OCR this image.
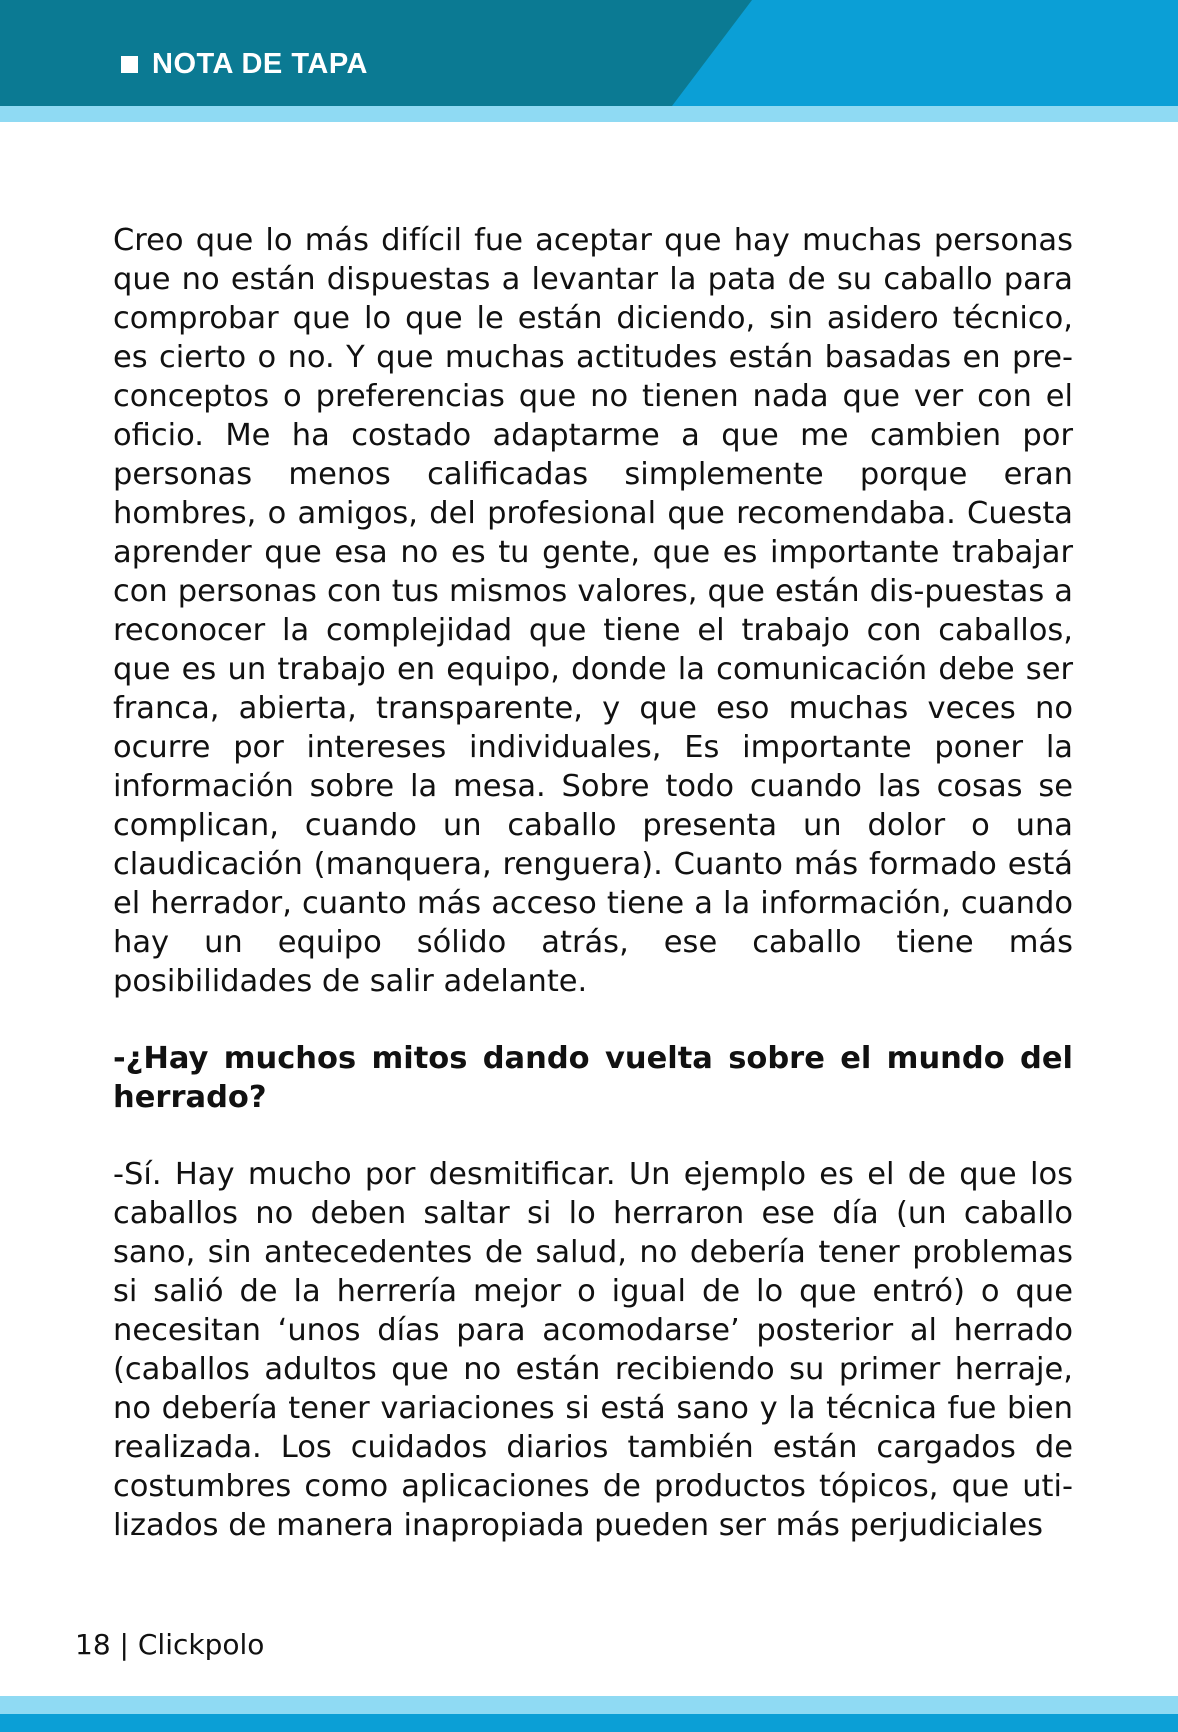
NOTA DE TAPA

Creo que lo más difícil fue aceptar que hay muchas personas que no están dispuestas a levantar la pata de su caballo para comprobar que lo que le están diciendo, sin asidero técnico, es cierto o no. Y que muchas actitudes están basadas en pre-conceptos o preferencias que no tienen nada que ver con el oficio. Me ha costado adaptarme a que me cambien por personas menos calificadas simplemente porque eran hombres, o amigos, del profesional que recomendaba. Cuesta aprender que esa no es tu gente, que es importante trabajar con personas con tus mismos valores, que están dis-puestas a reconocer la complejidad que tiene el trabajo con caballos, que es un trabajo en equipo, donde la comunicación debe ser franca, abierta, transparente, y que eso muchas veces no ocurre por intereses individuales, Es importante poner la información sobre la mesa. Sobre todo cuando las cosas se complican, cuando un caballo presenta un dolor o una claudicación (manquera, renguera). Cuanto más formado está el herrador, cuanto más acceso tiene a la información, cuando hay un equipo sólido atrás, ese caballo tiene más posibilidades de salir adelante.

-¿Hay muchos mitos dando vuelta sobre el mundo del herrado?

-Sí. Hay mucho por desmitificar. Un ejemplo es el de que los caballos no deben saltar si lo herraron ese día (un caballo sano, sin antecedentes de salud, no debería tener problemas si salió de la herrería mejor o igual de lo que entró) o que necesitan ‘unos días para acomodarse’ posterior al herrado (caballos adultos que no están recibiendo su primer herraje, no debería tener variaciones si está sano y la técnica fue bien realizada. Los cuidados diarios también están cargados de costumbres como aplicaciones de productos tópicos, que uti-lizados de manera inapropiada pueden ser más perjudiciales

18 | Clickpolo
